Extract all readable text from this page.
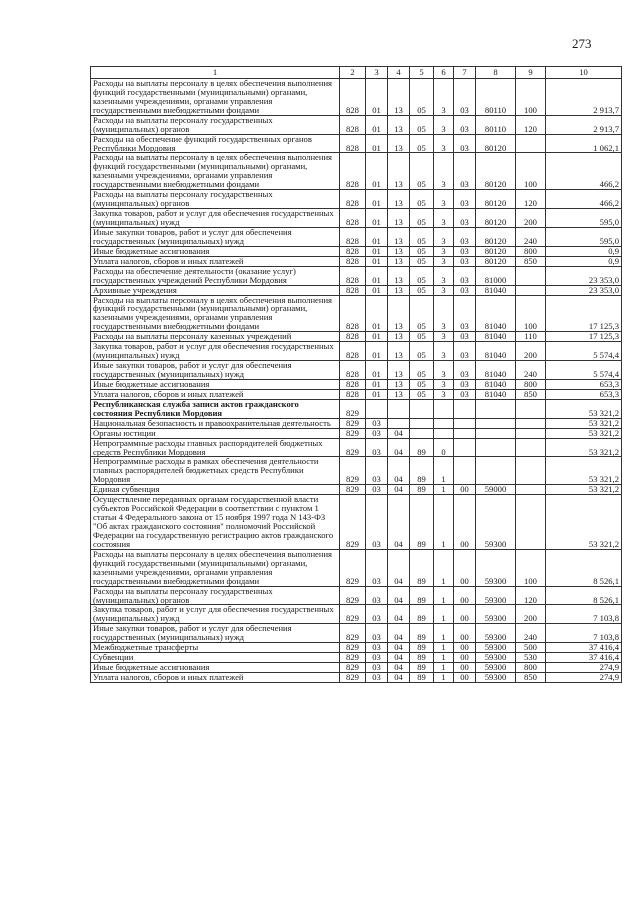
273
1	2	3	4	5	6	7	8	9	10
Расходы на выплаты персоналу в целях обеспечения выполнения функций государственными (муниципальными) органами, казенными учреждениями, органами управления государственными внебюджетными фондами	828	01	13	05	3	03	80110	100	2 913,7
Расходы на выплаты персоналу государственных (муниципальных) органов	828	01	13	05	3	03	80110	120	2 913,7
Расходы на обеспечение функций государственных органов Республики Мордовия	828	01	13	05	3	03	80120		1 062,1
Расходы на выплаты персоналу в целях обеспечения выполнения функций государственными (муниципальными) органами, казенными учреждениями, органами управления государственными внебюджетными фондами	828	01	13	05	3	03	80120	100	466,2
Расходы на выплаты персоналу государственных (муниципальных) органов	828	01	13	05	3	03	80120	120	466,2
Закупка товаров, работ и услуг для обеспечения государственных (муниципальных) нужд	828	01	13	05	3	03	80120	200	595,0
Иные закупки товаров, работ и услуг для обеспечения государственных (муниципальных) нужд	828	01	13	05	3	03	80120	240	595,0
Иные бюджетные ассигнования	828	01	13	05	3	03	80120	800	0,9
Уплата налогов, сборов и иных платежей	828	01	13	05	3	03	80120	850	0,9
Расходы на обеспечение деятельности (оказание услуг) государственных учреждений Республики Мордовия	828	01	13	05	3	03	81000		23 353,0
Архивные учреждения	828	01	13	05	3	03	81040		23 353,0
Расходы на выплаты персоналу в целях обеспечения выполнения функций государственными (муниципальными) органами, казенными учреждениями, органами управления государственными внебюджетными фондами	828	01	13	05	3	03	81040	100	17 125,3
Расходы на выплаты персоналу казенных учреждений	828	01	13	05	3	03	81040	110	17 125,3
Закупка товаров, работ и услуг для обеспечения государственных (муниципальных) нужд	828	01	13	05	3	03	81040	200	5 574,4
Иные закупки товаров, работ и услуг для обеспечения государственных (муниципальных) нужд	828	01	13	05	3	03	81040	240	5 574,4
Иные бюджетные ассигнования	828	01	13	05	3	03	81040	800	653,3
Уплата налогов, сборов и иных платежей	828	01	13	05	3	03	81040	850	653,3
Республиканская служба записи актов гражданского состояния Республики Мордовия	829								53 321,2
Национальная безопасность и правоохранительная деятельность	829	03							53 321,2
Органы юстиции	829	03	04						53 321,2
Непрограммные расходы главных распорядителей бюджетных средств Республики Мордовия	829	03	04	89	0				53 321,2
Непрограммные расходы в рамках обеспечения деятельности главных распорядителей бюджетных средств Республики Мордовия	829	03	04	89	1				53 321,2
Единая субвенция	829	03	04	89	1	00	59000		53 321,2
Осуществление переданных органам государственной власти субъектов Российской Федерации в соответствии с пунктом 1 статьи 4 Федерального закона от 15 ноября 1997 года N 143-ФЗ "Об актах гражданского состояния" полномочий Российской Федерации на государственную регистрацию актов гражданского состояния	829	03	04	89	1	00	59300		53 321,2
Расходы на выплаты персоналу в целях обеспечения выполнения функций государственными (муниципальными) органами, казенными учреждениями, органами управления государственными внебюджетными фондами	829	03	04	89	1	00	59300	100	8 526,1
Расходы на выплаты персоналу государственных (муниципальных) органов	829	03	04	89	1	00	59300	120	8 526,1
Закупка товаров, работ и услуг для обеспечения государственных (муниципальных) нужд	829	03	04	89	1	00	59300	200	7 103,8
Иные закупки товаров, работ и услуг для обеспечения государственных (муниципальных) нужд	829	03	04	89	1	00	59300	240	7 103,8
Межбюджетные трансферты	829	03	04	89	1	00	59300	500	37 416,4
Субвенции	829	03	04	89	1	00	59300	530	37 416,4
Иные бюджетные ассигнования	829	03	04	89	1	00	59300	800	274,9
Уплата налогов, сборов и иных платежей	829	03	04	89	1	00	59300	850	274,9
